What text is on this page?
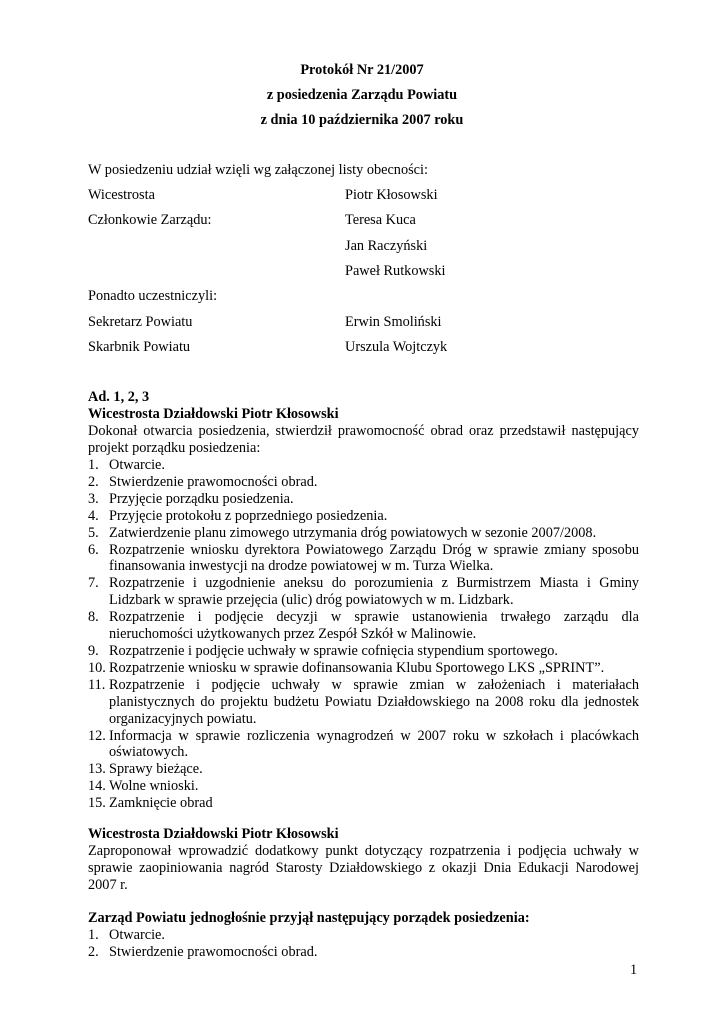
Protokół Nr 21/2007
z posiedzenia Zarządu Powiatu
z dnia 10 października 2007 roku
W posiedzeniu udział wzięli wg załączonej listy obecności:
Wicestrosta	Piotr Kłosowski
Członkowie Zarządu:	Teresa Kuca
Jan Raczyński
Paweł Rutkowski
Ponadto uczestniczyli:
Sekretarz Powiatu	Erwin Smoliński
Skarbnik Powiatu	Urszula Wojtczyk
Ad. 1, 2, 3
Wicestrosta Działdowski Piotr Kłosowski
Dokonał otwarcia posiedzenia, stwierdził prawomocność obrad oraz przedstawił następujący projekt porządku posiedzenia:
1. Otwarcie.
2. Stwierdzenie prawomocności obrad.
3. Przyjęcie porządku posiedzenia.
4. Przyjęcie protokołu z poprzedniego posiedzenia.
5. Zatwierdzenie planu zimowego utrzymania dróg powiatowych w sezonie 2007/2008.
6. Rozpatrzenie wniosku dyrektora Powiatowego Zarządu Dróg w sprawie zmiany sposobu finansowania inwestycji na drodze powiatowej w m. Turza Wielka.
7. Rozpatrzenie i uzgodnienie aneksu do porozumienia z Burmistrzem Miasta i Gminy Lidzbark w sprawie przejęcia (ulic) dróg powiatowych w m. Lidzbark.
8. Rozpatrzenie i podjęcie decyzji w sprawie ustanowienia trwałego zarządu dla nieruchomości użytkowanych przez Zespół Szkół w Malinowie.
9. Rozpatrzenie i podjęcie uchwały w sprawie cofnięcia stypendium sportowego.
10. Rozpatrzenie wniosku w sprawie dofinansowania Klubu Sportowego LKS „SPRINT”.
11. Rozpatrzenie i podjęcie uchwały w sprawie zmian w założeniach i materiałach planistycznych do projektu budżetu Powiatu Działdowskiego na 2008 roku dla jednostek organizacyjnych powiatu.
12. Informacja w sprawie rozliczenia wynagrodzeń w 2007 roku w szkołach i placówkach oświatowych.
13. Sprawy bieżące.
14. Wolne wnioski.
15. Zamknięcie obrad
Wicestrosta Działdowski Piotr Kłosowski
Zaproponował wprowadzić dodatkowy punkt dotyczący rozpatrzenia i podjęcia uchwały w sprawie zaopiniowania nagród Starosty Działdowskiego z okazji Dnia Edukacji Narodowej 2007 r.
Zarząd Powiatu jednogłośnie przyjął następujący porządek posiedzenia:
1. Otwarcie.
2. Stwierdzenie prawomocności obrad.
1
